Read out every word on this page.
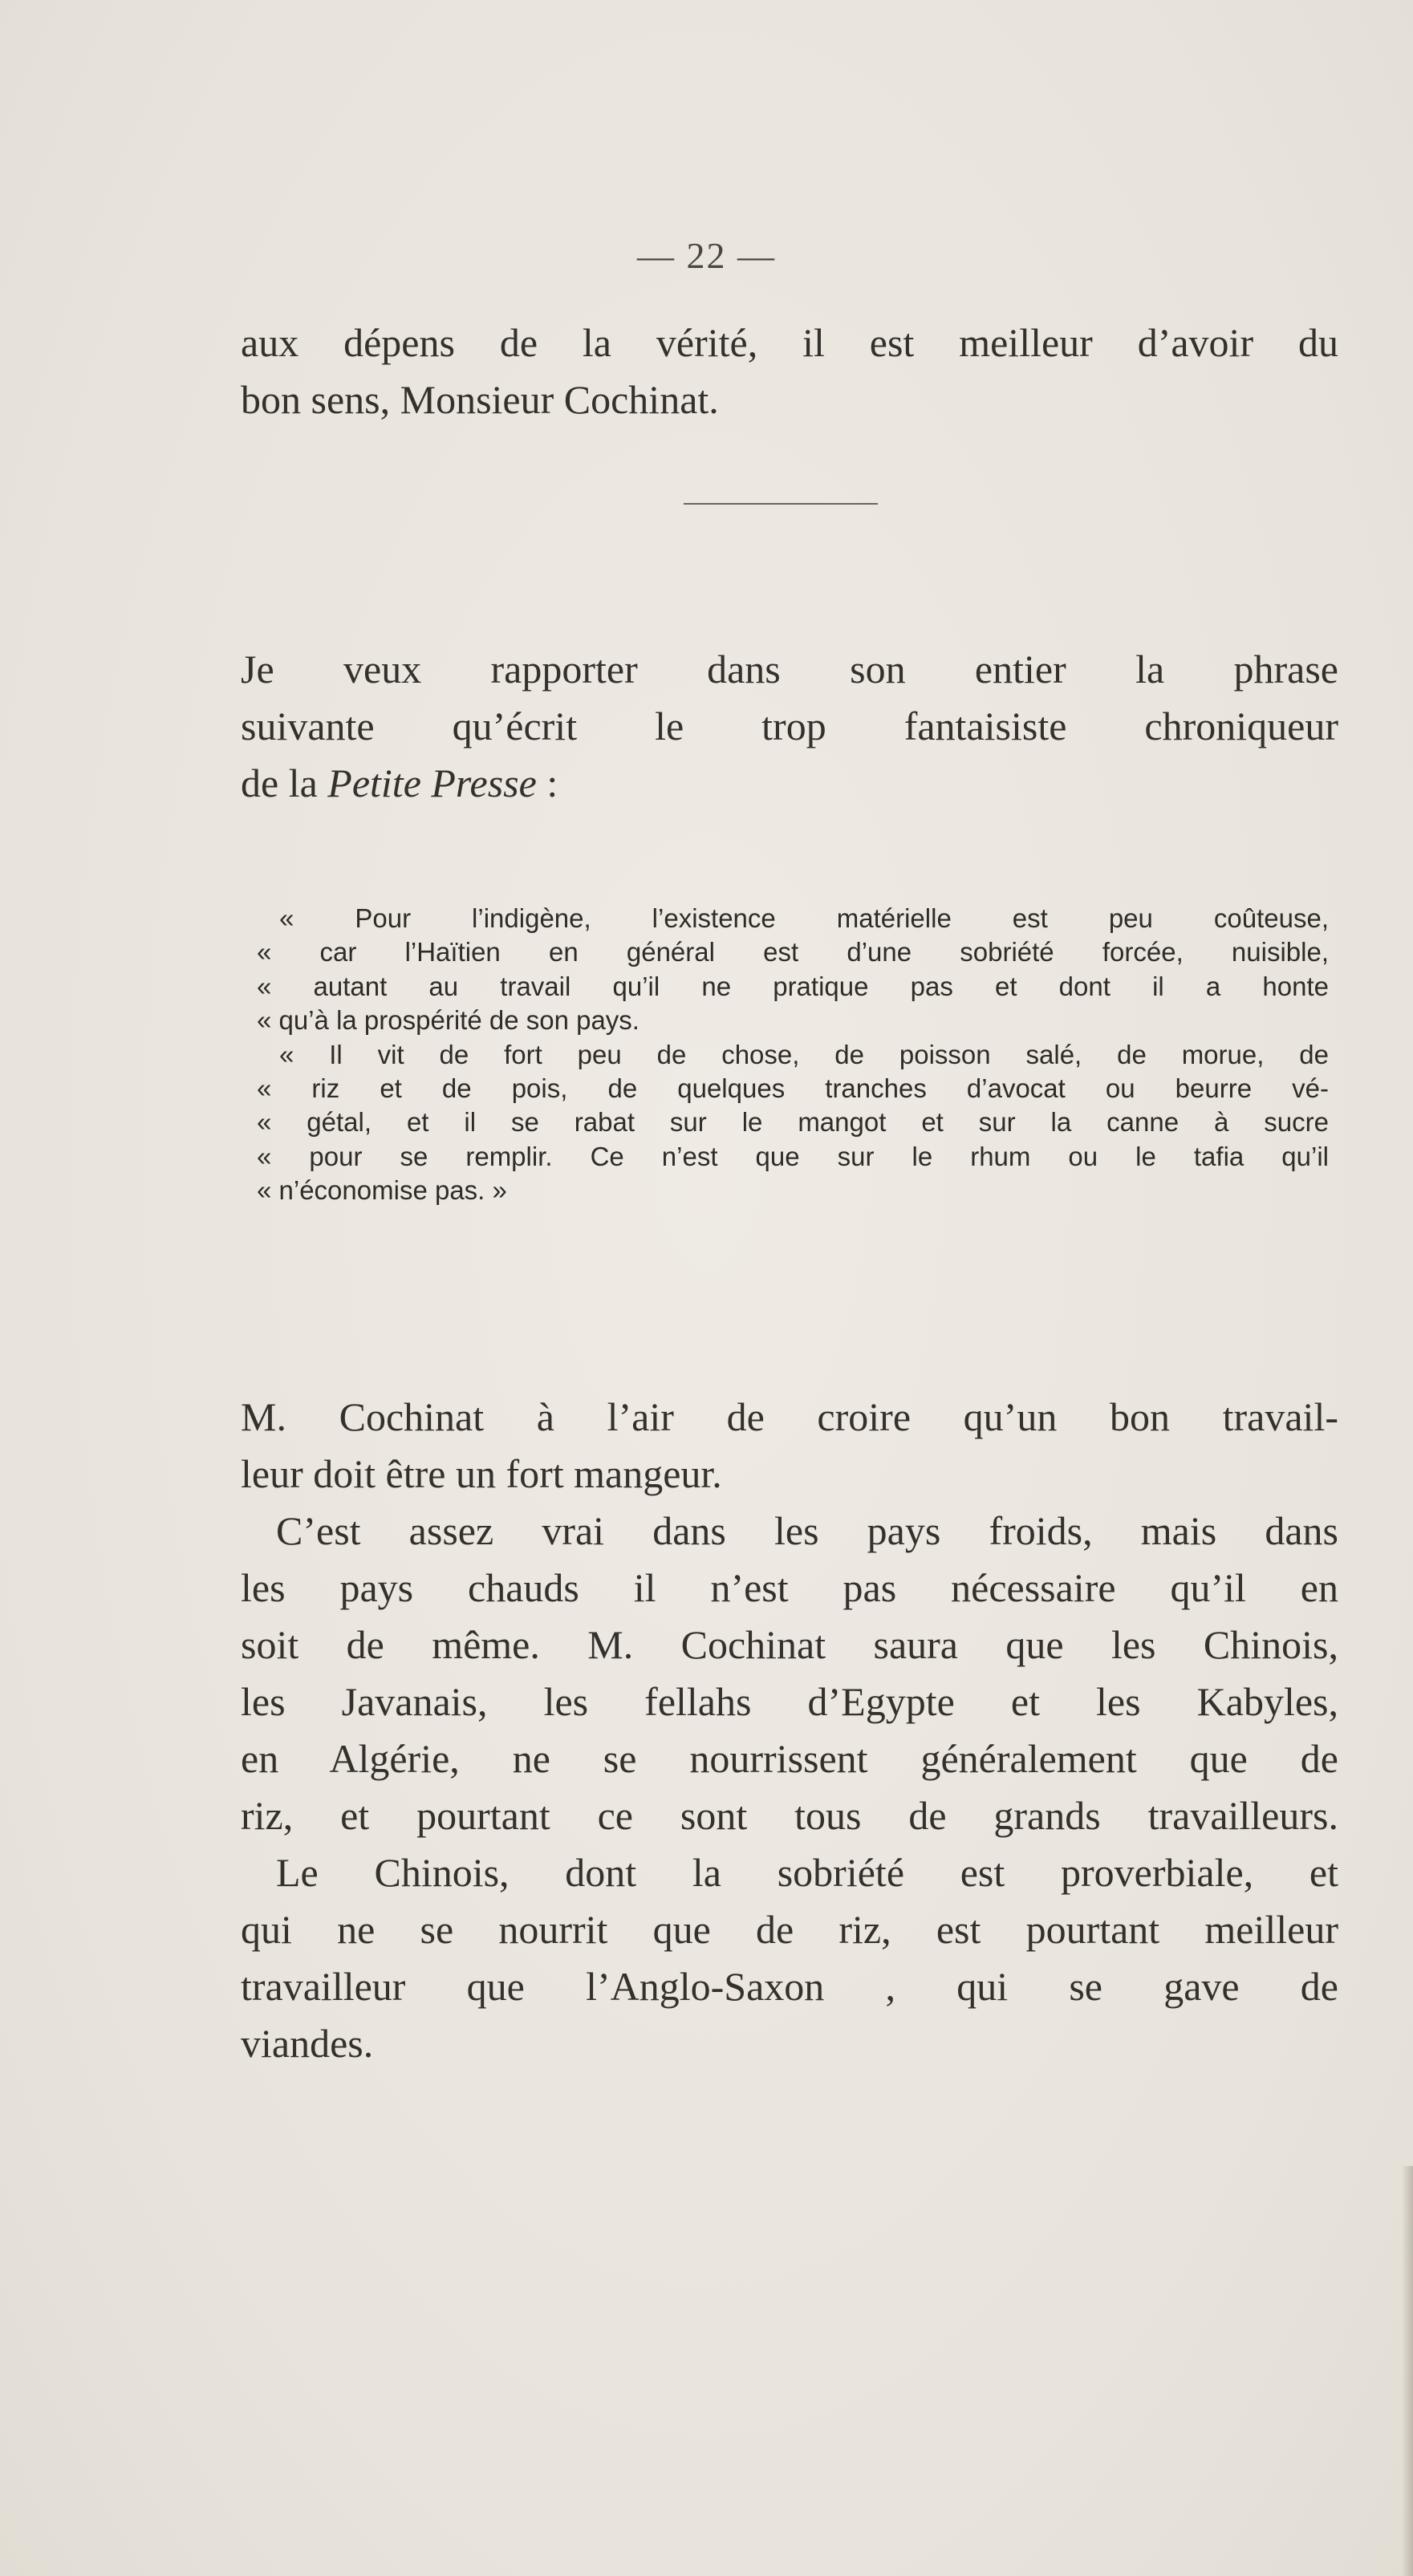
— 22 —
aux dépens de la vérité, il est meilleur d’avoir du
bon sens, Monsieur Cochinat.
Je veux rapporter dans son entier la phrase
suivante qu’écrit le trop fantaisiste chroniqueur
de la Petite Presse :
« Pour l’indigène, l’existence matérielle est peu coûteuse,
« car l’Haïtien en général est d’une sobriété forcée, nuisible,
« autant au travail qu’il ne pratique pas et dont il a honte
« qu’à la prospérité de son pays.
« Il vit de fort peu de chose, de poisson salé, de morue, de
« riz et de pois, de quelques tranches d’avocat ou beurre vé-
« gétal, et il se rabat sur le mangot et sur la canne à sucre
« pour se remplir. Ce n’est que sur le rhum ou le tafia qu’il
« n’économise pas. »
M. Cochinat à l’air de croire qu’un bon travail-
leur doit être un fort mangeur.
C’est assez vrai dans les pays froids, mais dans
les pays chauds il n’est pas nécessaire qu’il en
soit de même. M. Cochinat saura que les Chinois,
les Javanais, les fellahs d’Egypte et les Kabyles,
en Algérie, ne se nourrissent généralement que de
riz, et pourtant ce sont tous de grands travailleurs.
Le Chinois, dont la sobriété est proverbiale, et
qui ne se nourrit que de riz, est pourtant meilleur
travailleur que l’Anglo-Saxon , qui se gave de
viandes.
